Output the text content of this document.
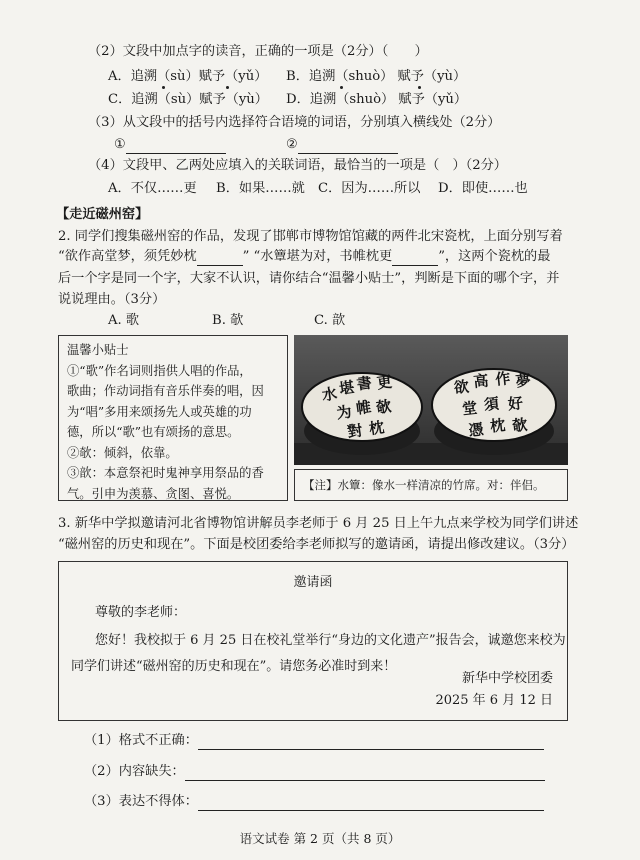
（2）文段中加点字的读音，正确的一项是（2分）（　　）
A．追溯（sù）赋予（yǔ） B．追溯（shuò） 赋予（yù）
C．追溯（sù）赋予（yù） D．追溯（shuò） 赋予（yǔ）
（3）从文段中的括号内选择符合语境的词语，分别填入横线处（2分）
①	②
（4）文段甲、乙两处应填入的关联词语，最恰当的一项是（　）（2分）
A．不仅……更 B．如果……就 C．因为……所以 D．即使……也
【走近磁州窑】
2. 同学们搜集磁州窑的作品，发现了邯郸市博物馆馆藏的两件北宋瓷枕，上面分别写着
“欲作高堂梦，须凭妙枕	” “水簟堪为对，书帷枕更	”，这两个瓷枕的最
后一个字是同一个字，大家不认识，请你结合“温馨小贴士”，判断是下面的哪个字，并
说说理由。（3分）
A. 歌	B. 欹	C. 歆
温馨小贴士
①“歌”作名词则指供人唱的作品，
歌曲；作动词指有音乐伴奏的唱，因
为“唱”多用来颂扬先人或英雄的功
德，所以“歌”也有颂扬的意思。
②欹：倾斜，依靠。
③歆：本意祭祀时鬼神享用祭品的香
气。引申为羡慕、贪图、喜悦。
水 堪 書 更
为 帷 欹
對 枕
欲 高 作 夢
堂 須 好
憑 枕 欹
【注】水簟：像水一样清凉的竹席。对：伴侣。
3. 新华中学拟邀请河北省博物馆讲解员李老师于 6 月 25 日上午九点来学校为同学们讲述
“磁州窑的历史和现在”。下面是校团委给李老师拟写的邀请函，请提出修改建议。（3分）
邀请函
尊敬的李老师：
您好！我校拟于 6 月 25 日在校礼堂举行“身边的文化遗产”报告会，诚邀您来校为
同学们讲述“磁州窑的历史和现在”。请您务必准时到来！
新华中学校团委
2025 年 6 月 12 日
（1）格式不正确：
（2）内容缺失：
（3）表达不得体：
语文试卷 第 2 页（共 8 页）
